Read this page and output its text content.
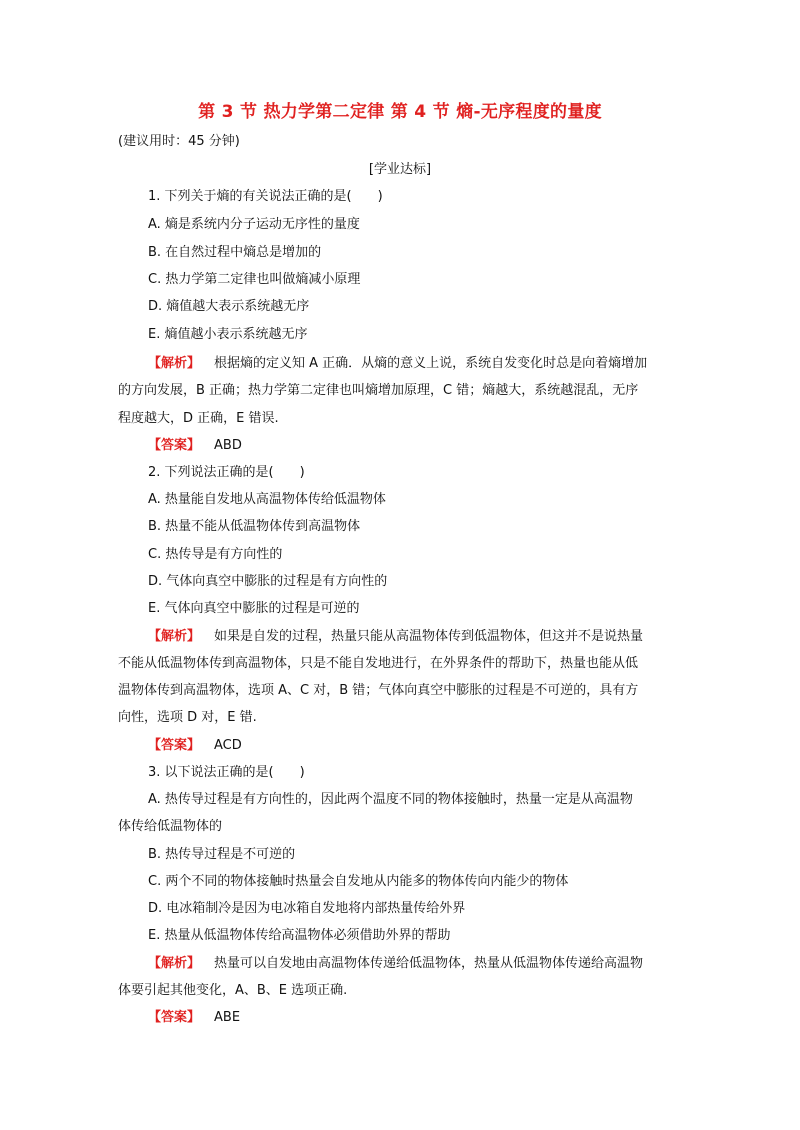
第 3 节 热力学第二定律 第 4 节 熵-无序程度的量度
(建议用时：45 分钟)
[学业达标]
1. 下列关于熵的有关说法正确的是(　　)
A. 熵是系统内分子运动无序性的量度
B. 在自然过程中熵总是增加的
C. 热力学第二定律也叫做熵减小原理
D. 熵值越大表示系统越无序
E. 熵值越小表示系统越无序
【解析】 根据熵的定义知 A 正确．从熵的意义上说，系统自发变化时总是向着熵增加
的方向发展，B 正确；热力学第二定律也叫熵增加原理，C 错；熵越大，系统越混乱，无序
程度越大，D 正确，E 错误.
【答案】 ABD
2. 下列说法正确的是(　　)
A. 热量能自发地从高温物体传给低温物体
B. 热量不能从低温物体传到高温物体
C. 热传导是有方向性的
D. 气体向真空中膨胀的过程是有方向性的
E. 气体向真空中膨胀的过程是可逆的
【解析】 如果是自发的过程，热量只能从高温物体传到低温物体，但这并不是说热量
不能从低温物体传到高温物体，只是不能自发地进行，在外界条件的帮助下，热量也能从低
温物体传到高温物体，选项 A、C 对，B 错；气体向真空中膨胀的过程是不可逆的，具有方
向性，选项 D 对，E 错.
【答案】 ACD
3. 以下说法正确的是(　　)
A. 热传导过程是有方向性的，因此两个温度不同的物体接触时，热量一定是从高温物
体传给低温物体的
B. 热传导过程是不可逆的
C. 两个不同的物体接触时热量会自发地从内能多的物体传向内能少的物体
D. 电冰箱制冷是因为电冰箱自发地将内部热量传给外界
E. 热量从低温物体传给高温物体必须借助外界的帮助
【解析】 热量可以自发地由高温物体传递给低温物体，热量从低温物体传递给高温物
体要引起其他变化，A、B、E 选项正确.
【答案】 ABE
